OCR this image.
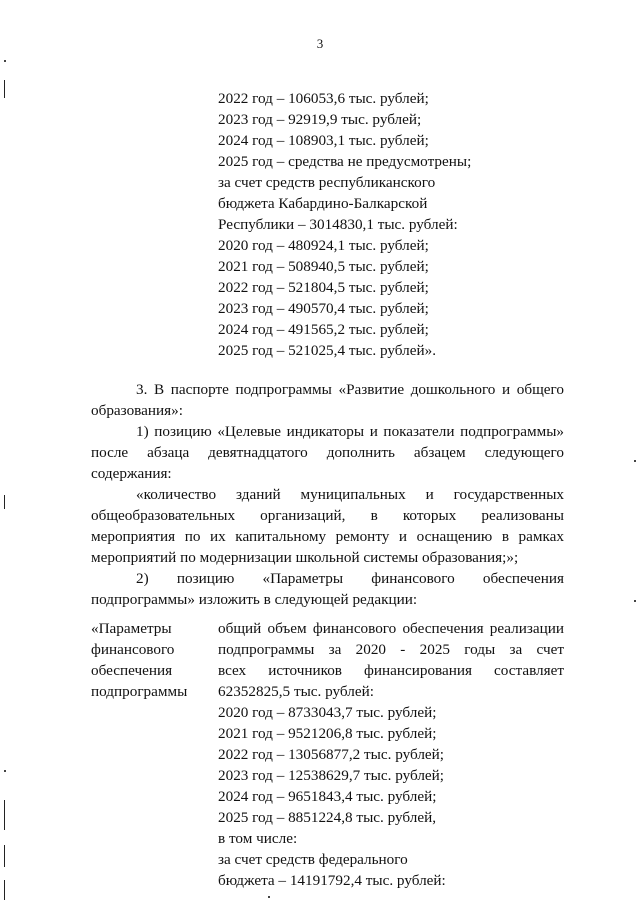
3
2022 год – 106053,6 тыс. рублей;
2023 год – 92919,9 тыс. рублей;
2024 год – 108903,1 тыс. рублей;
2025 год – средства не предусмотрены;
за счет средств республиканского
бюджета Кабардино-Балкарской
Республики – 3014830,1 тыс. рублей:
2020 год – 480924,1 тыс. рублей;
2021 год – 508940,5 тыс. рублей;
2022 год – 521804,5 тыс. рублей;
2023 год – 490570,4 тыс. рублей;
2024 год – 491565,2 тыс. рублей;
2025 год – 521025,4 тыс. рублей».
3. В паспорте подпрограммы «Развитие дошкольного и общего
образования»:
1) позицию «Целевые индикаторы и показатели подпрограммы»
после абзаца девятнадцатого дополнить абзацем следующего
содержания:
«количество зданий муниципальных и государственных
общеобразовательных организаций, в которых реализованы
мероприятия по их капитальному ремонту и оснащению в рамках
мероприятий по модернизации школьной системы образования;»;
2) позицию «Параметры финансового обеспечения
подпрограммы» изложить в следующей редакции:
«Параметры
финансового
обеспечения
подпрограммы
общий объем финансового обеспечения реализации
подпрограммы за 2020 - 2025 годы за счет
всех источников финансирования составляет
62352825,5 тыс. рублей:
2020 год – 8733043,7 тыс. рублей;
2021 год – 9521206,8 тыс. рублей;
2022 год – 13056877,2 тыс. рублей;
2023 год – 12538629,7 тыс. рублей;
2024 год – 9651843,4 тыс. рублей;
2025 год – 8851224,8 тыс. рублей,
в том числе:
за счет средств федерального
бюджета – 14191792,4 тыс. рублей:
